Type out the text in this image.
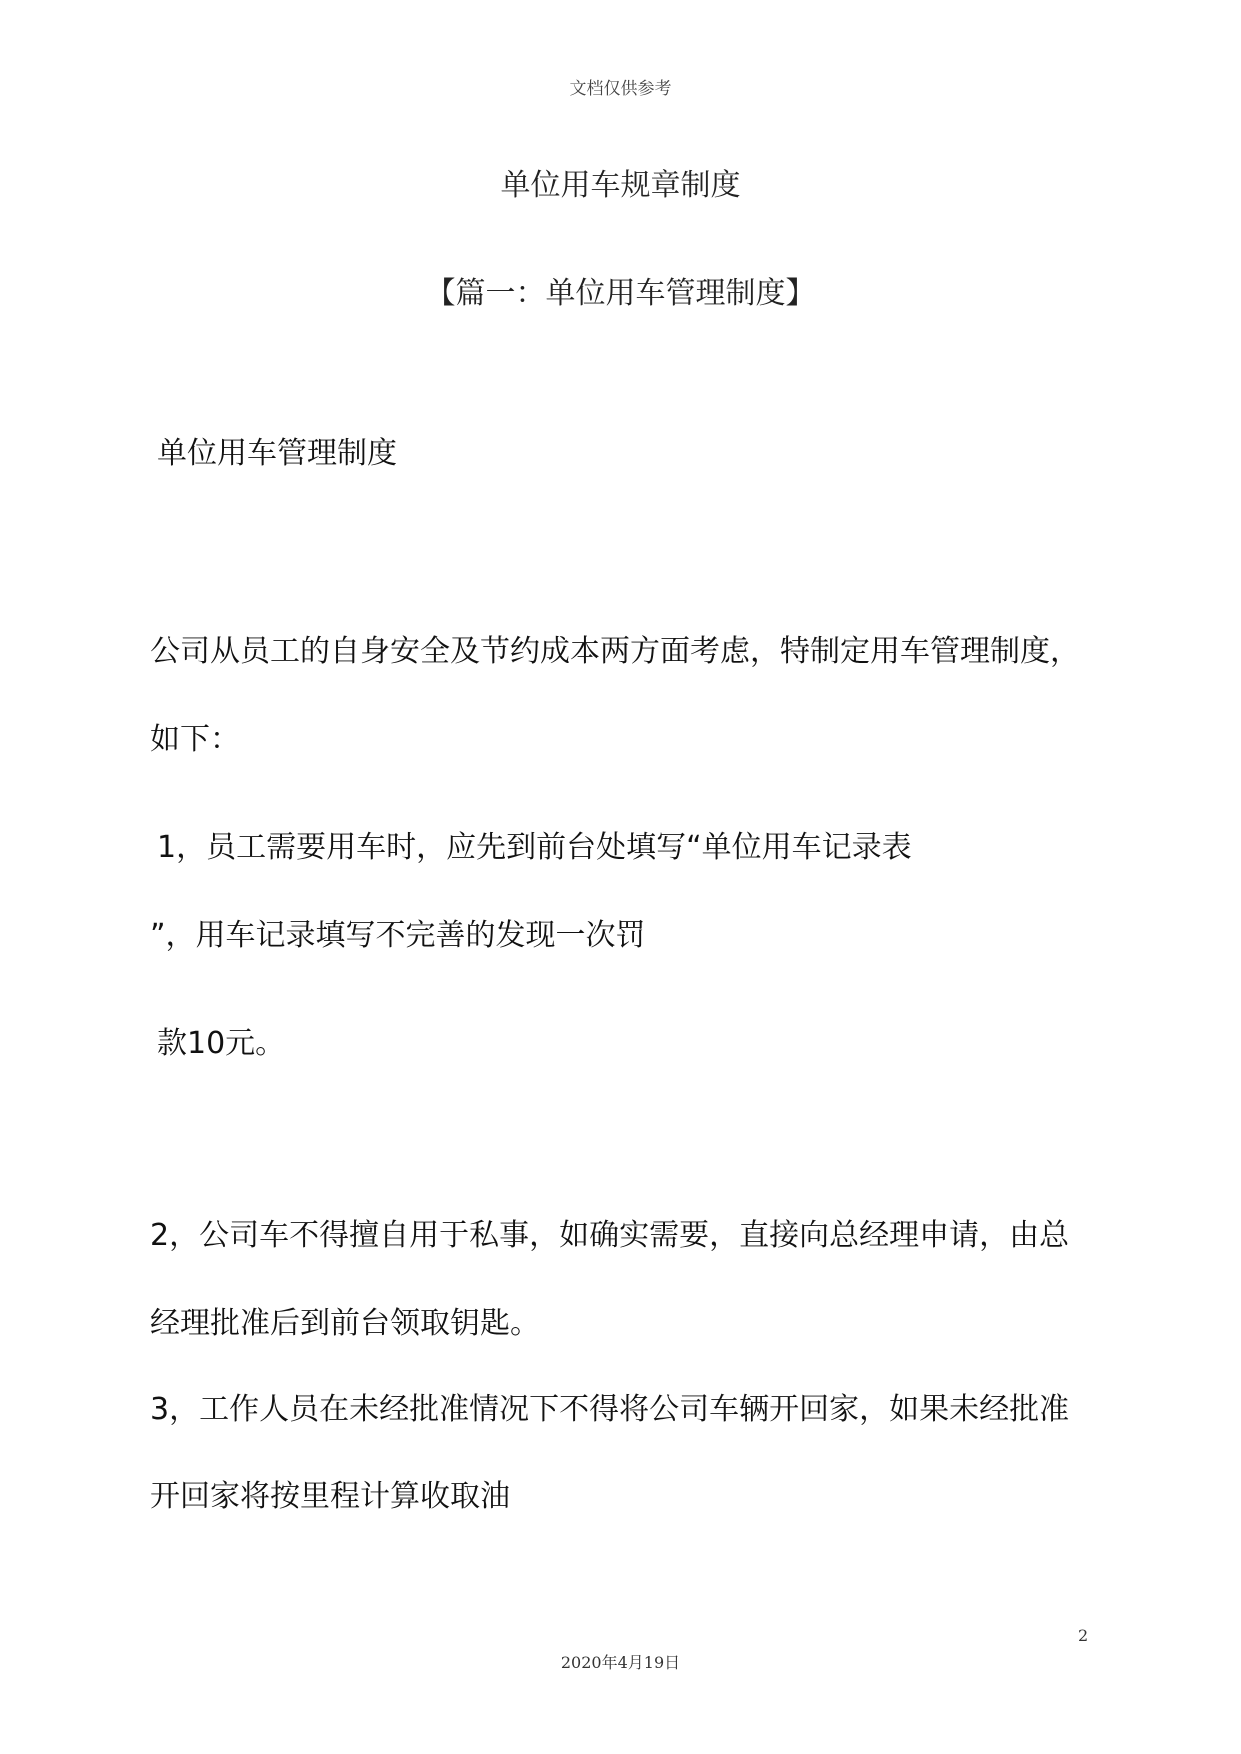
文档仅供参考
单位用车规章制度
【篇一：单位用车管理制度】
单位用车管理制度
公司从员工的自身安全及节约成本两方面考虑，特制定用车管理制度，
如下：
1，员工需要用车时，应先到前台处填写“单位用车记录表
”，用车记录填写不完善的发现一次罚
款10元。
2，公司车不得擅自用于私事，如确实需要，直接向总经理申请，由总
经理批准后到前台领取钥匙。
3，工作人员在未经批准情况下不得将公司车辆开回家，如果未经批准
开回家将按里程计算收取油
2
2020年4月19日
